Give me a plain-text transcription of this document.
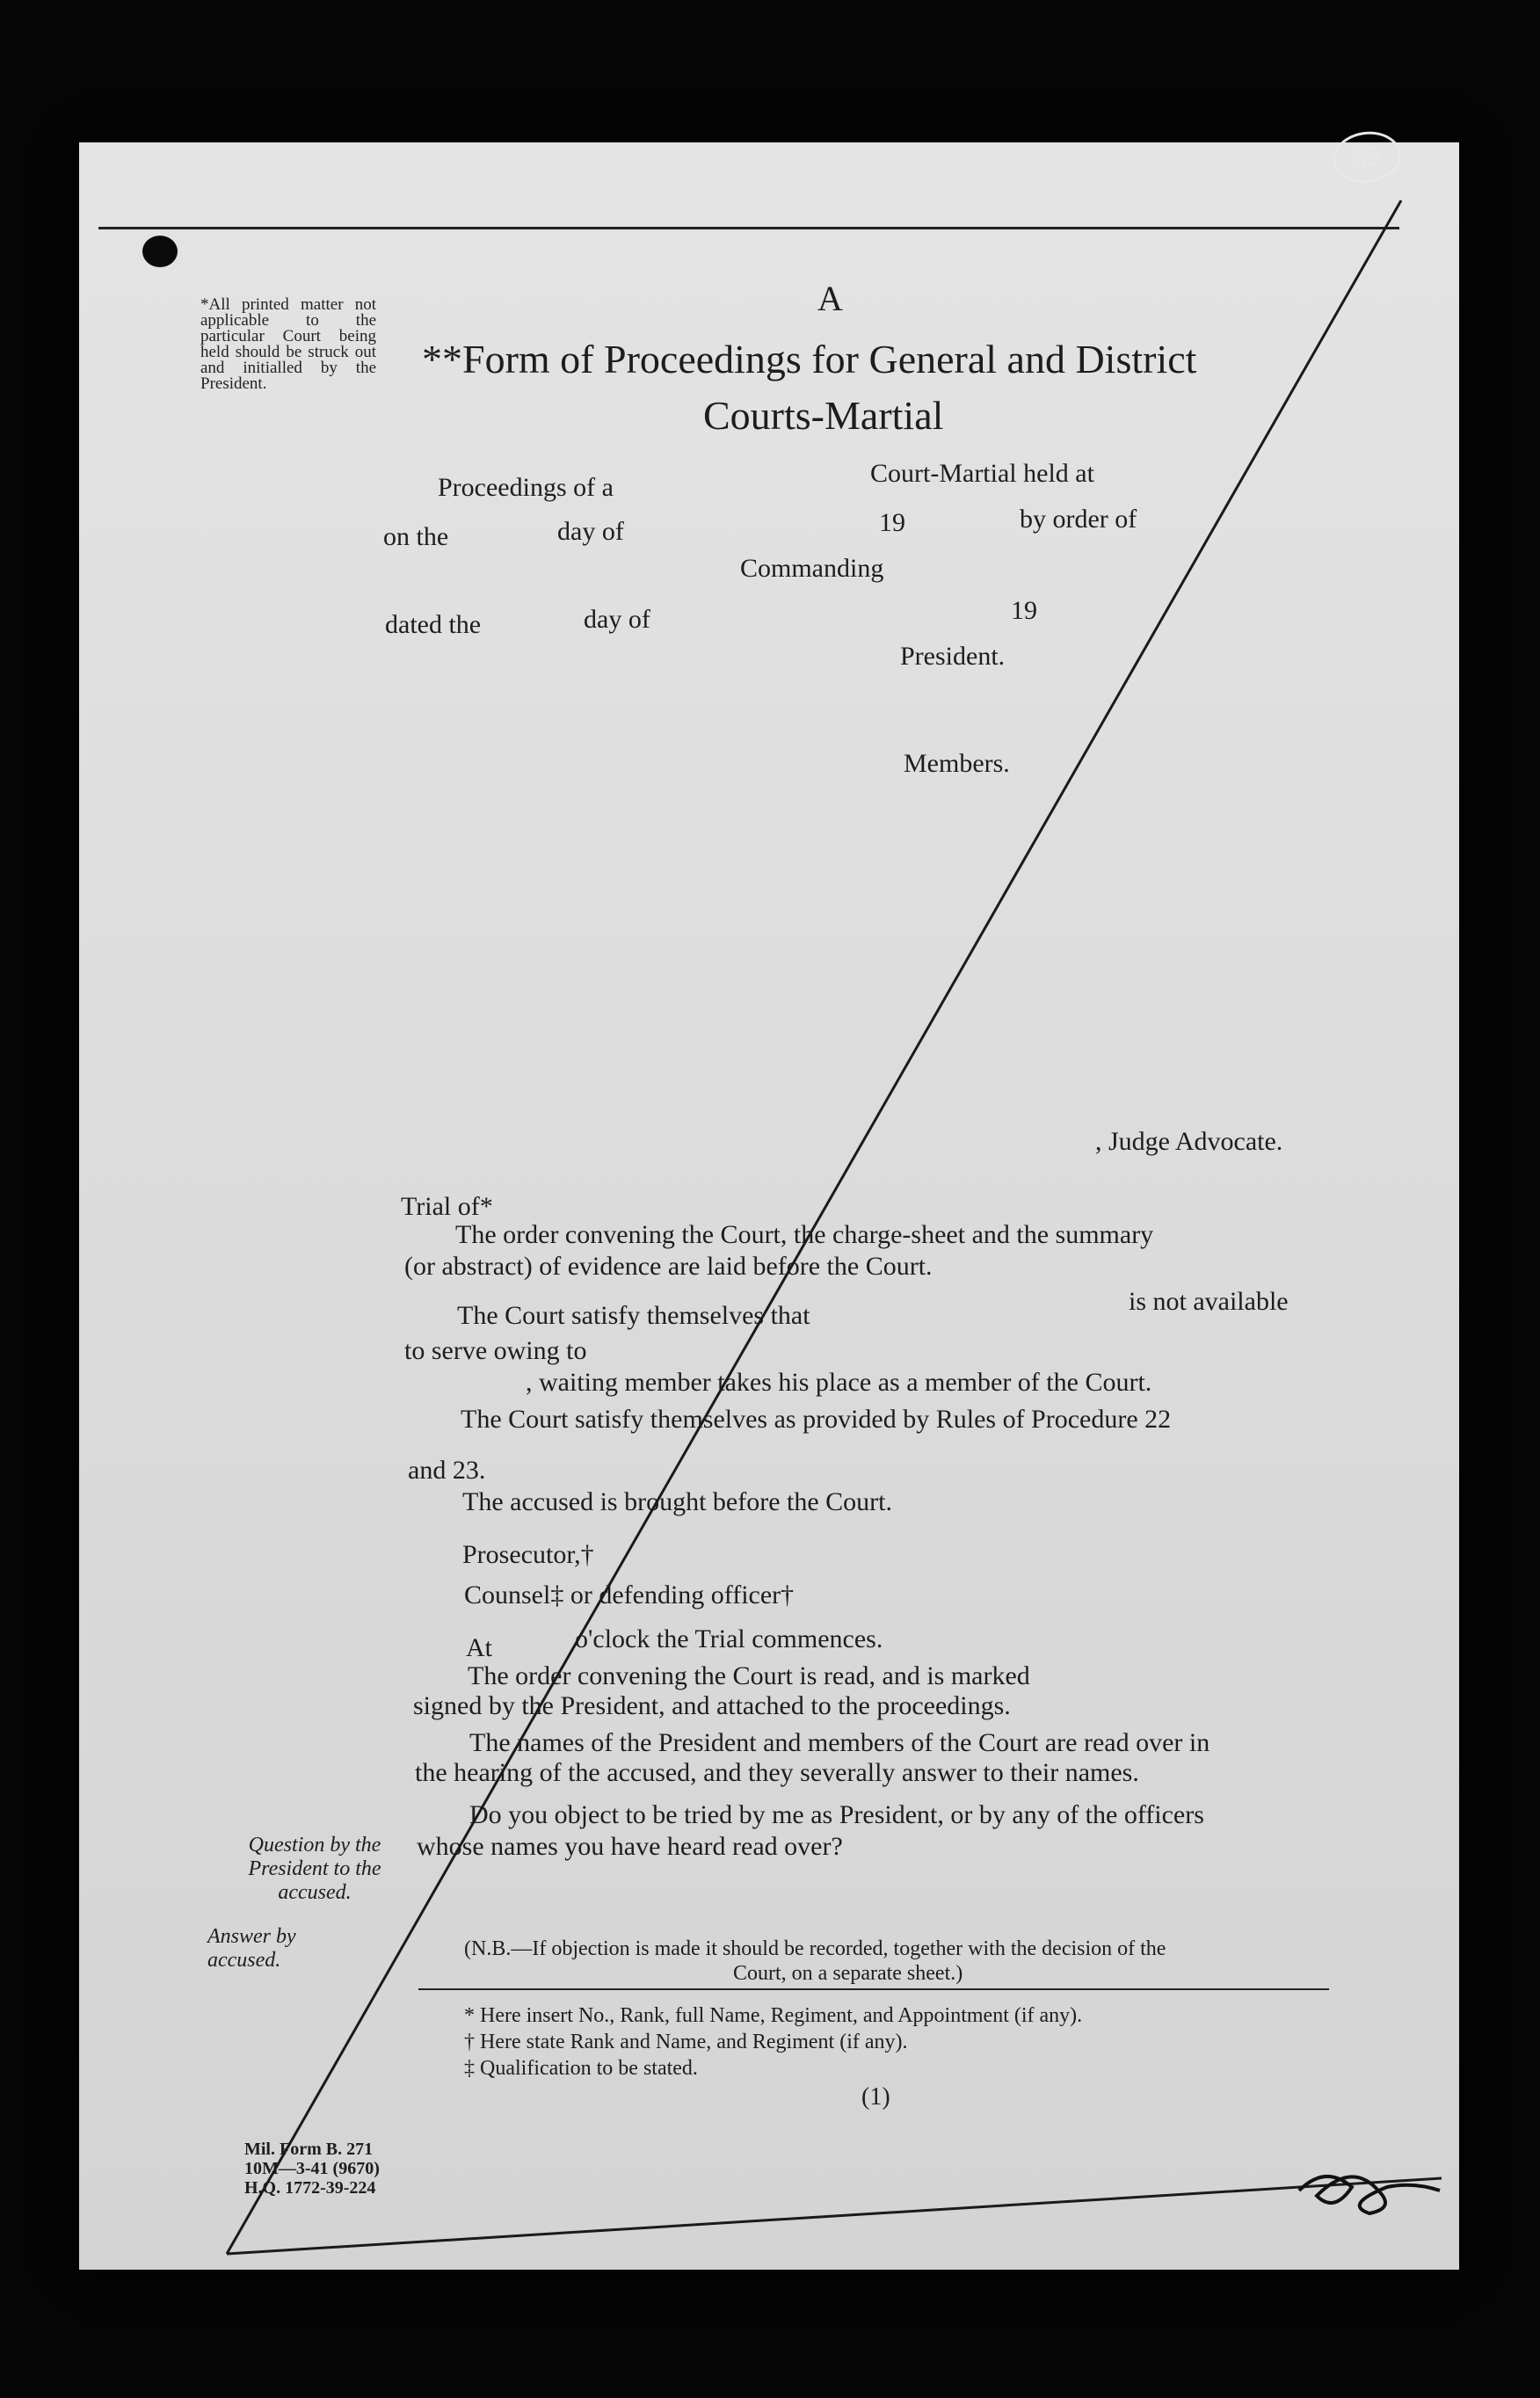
55
*All printed matter not applicable to the particular Court being held should be struck out and initialled by the President.
A
**Form of Proceedings for General and District
Courts-Martial
Proceedings of a	Court-Martial held at
on the	day of	19	by order of
Commanding
dated the	day of	19
President.
Members.
, Judge Advocate.
Trial of*
The order convening the Court, the charge-sheet and the summary
(or abstract) of evidence are laid before the Court.
The Court satisfy themselves that	is not available
to serve owing to
, waiting member takes his place as a member of the Court.
The Court satisfy themselves as provided by Rules of Procedure 22
and 23.
The accused is brought before the Court.
Prosecutor,†
Counsel‡ or defending officer†
At	o'clock the Trial commences.
The order convening the Court is read, and is marked
signed by the President, and attached to the proceedings.
The names of the President and members of the Court are read over in
the hearing of the accused, and they severally answer to their names.
Do you object to be tried by me as President, or by any of the officers
whose names you have heard read over?
Question by the President to the accused.
Answer by accused.	(N.B.—If objection is made it should be recorded, together with the decision of the
Court, on a separate sheet.)
* Here insert No., Rank, full Name, Regiment, and Appointment (if any).
† Here state Rank and Name, and Regiment (if any).
‡ Qualification to be stated.
(1)
Mil. Form B. 271
10M—3-41 (9670)
H.Q. 1772-39-224
